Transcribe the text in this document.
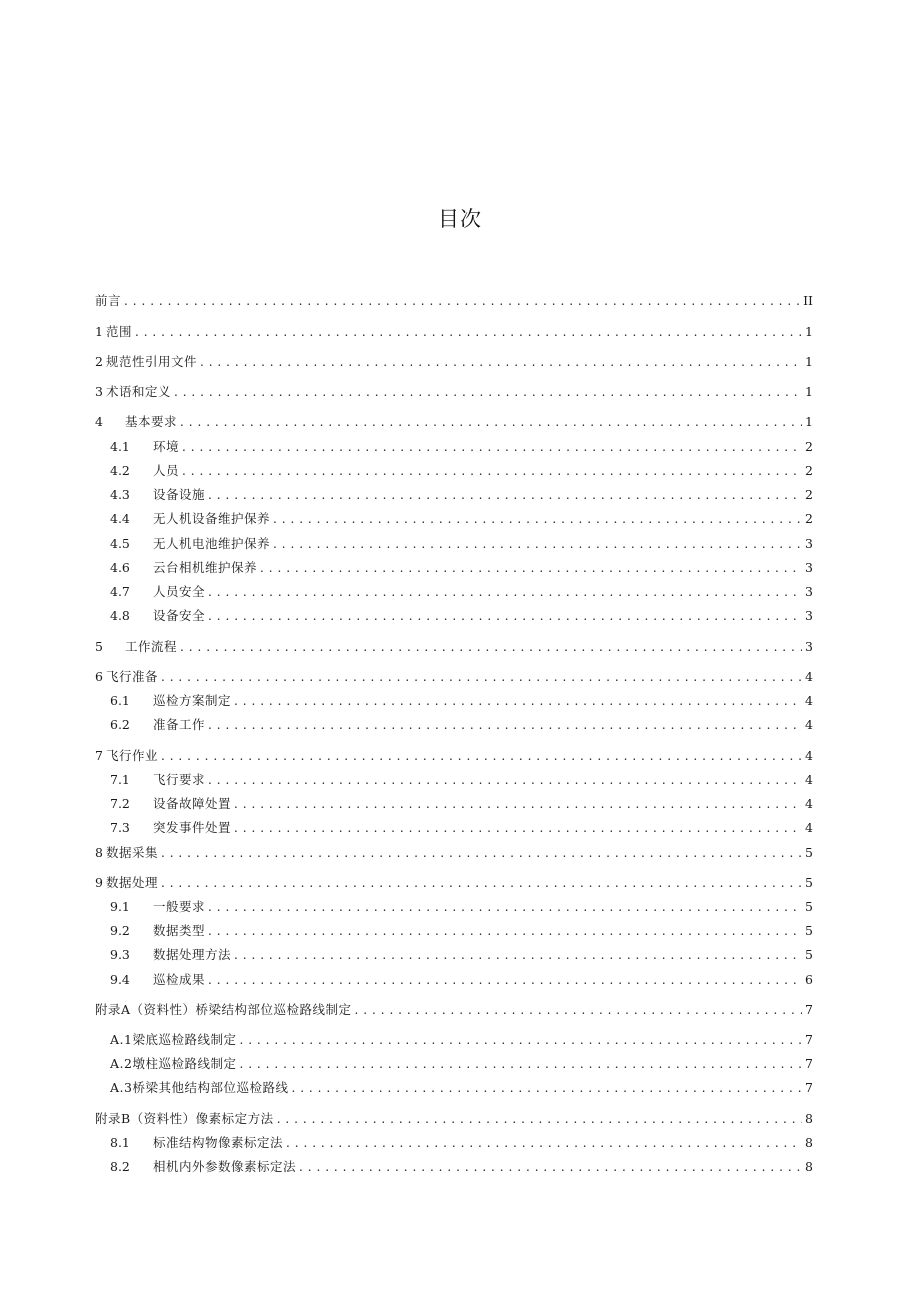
目次
前言 . . .	II
1 范围 . . .	1
2 规范性引用文件 . . .	1
3 术语和定义 . . .	1
4	基本要求 . . .	1
4.1	环境 . . .	2
4.2	人员 . . .	2
4.3	设备设施 . . .	2
4.4	无人机设备维护保养 . . .	2
4.5	无人机电池维护保养 . . .	3
4.6	云台相机维护保养 . . .	3
4.7	人员安全 . . .	3
4.8	设备安全 . . .	3
5	工作流程 . . .	3
6 飞行准备 . . .	4
6.1	巡检方案制定 . . .	4
6.2	准备工作 . . .	4
7 飞行作业 . . .	4
7.1	飞行要求 . . .	4
7.2	设备故障处置 . . .	4
7.3	突发事件处置 . . .	4
8 数据采集 . . .	5
9 数据处理 . . .	5
9.1	一般要求 . . .	5
9.2	数据类型 . . .	5
9.3	数据处理方法 . . .	5
9.4	巡检成果 . . .	6
附录A（资料性）桥梁结构部位巡检路线制定 . . .	7
A.1梁底巡检路线制定 . . .	7
A.2墩柱巡检路线制定 . . .	7
A.3桥梁其他结构部位巡检路线 . . .	7
附录B（资料性）像素标定方法 . . .	8
8.1	标准结构物像素标定法 . . .	8
8.2	相机内外参数像素标定法 . . .	8
